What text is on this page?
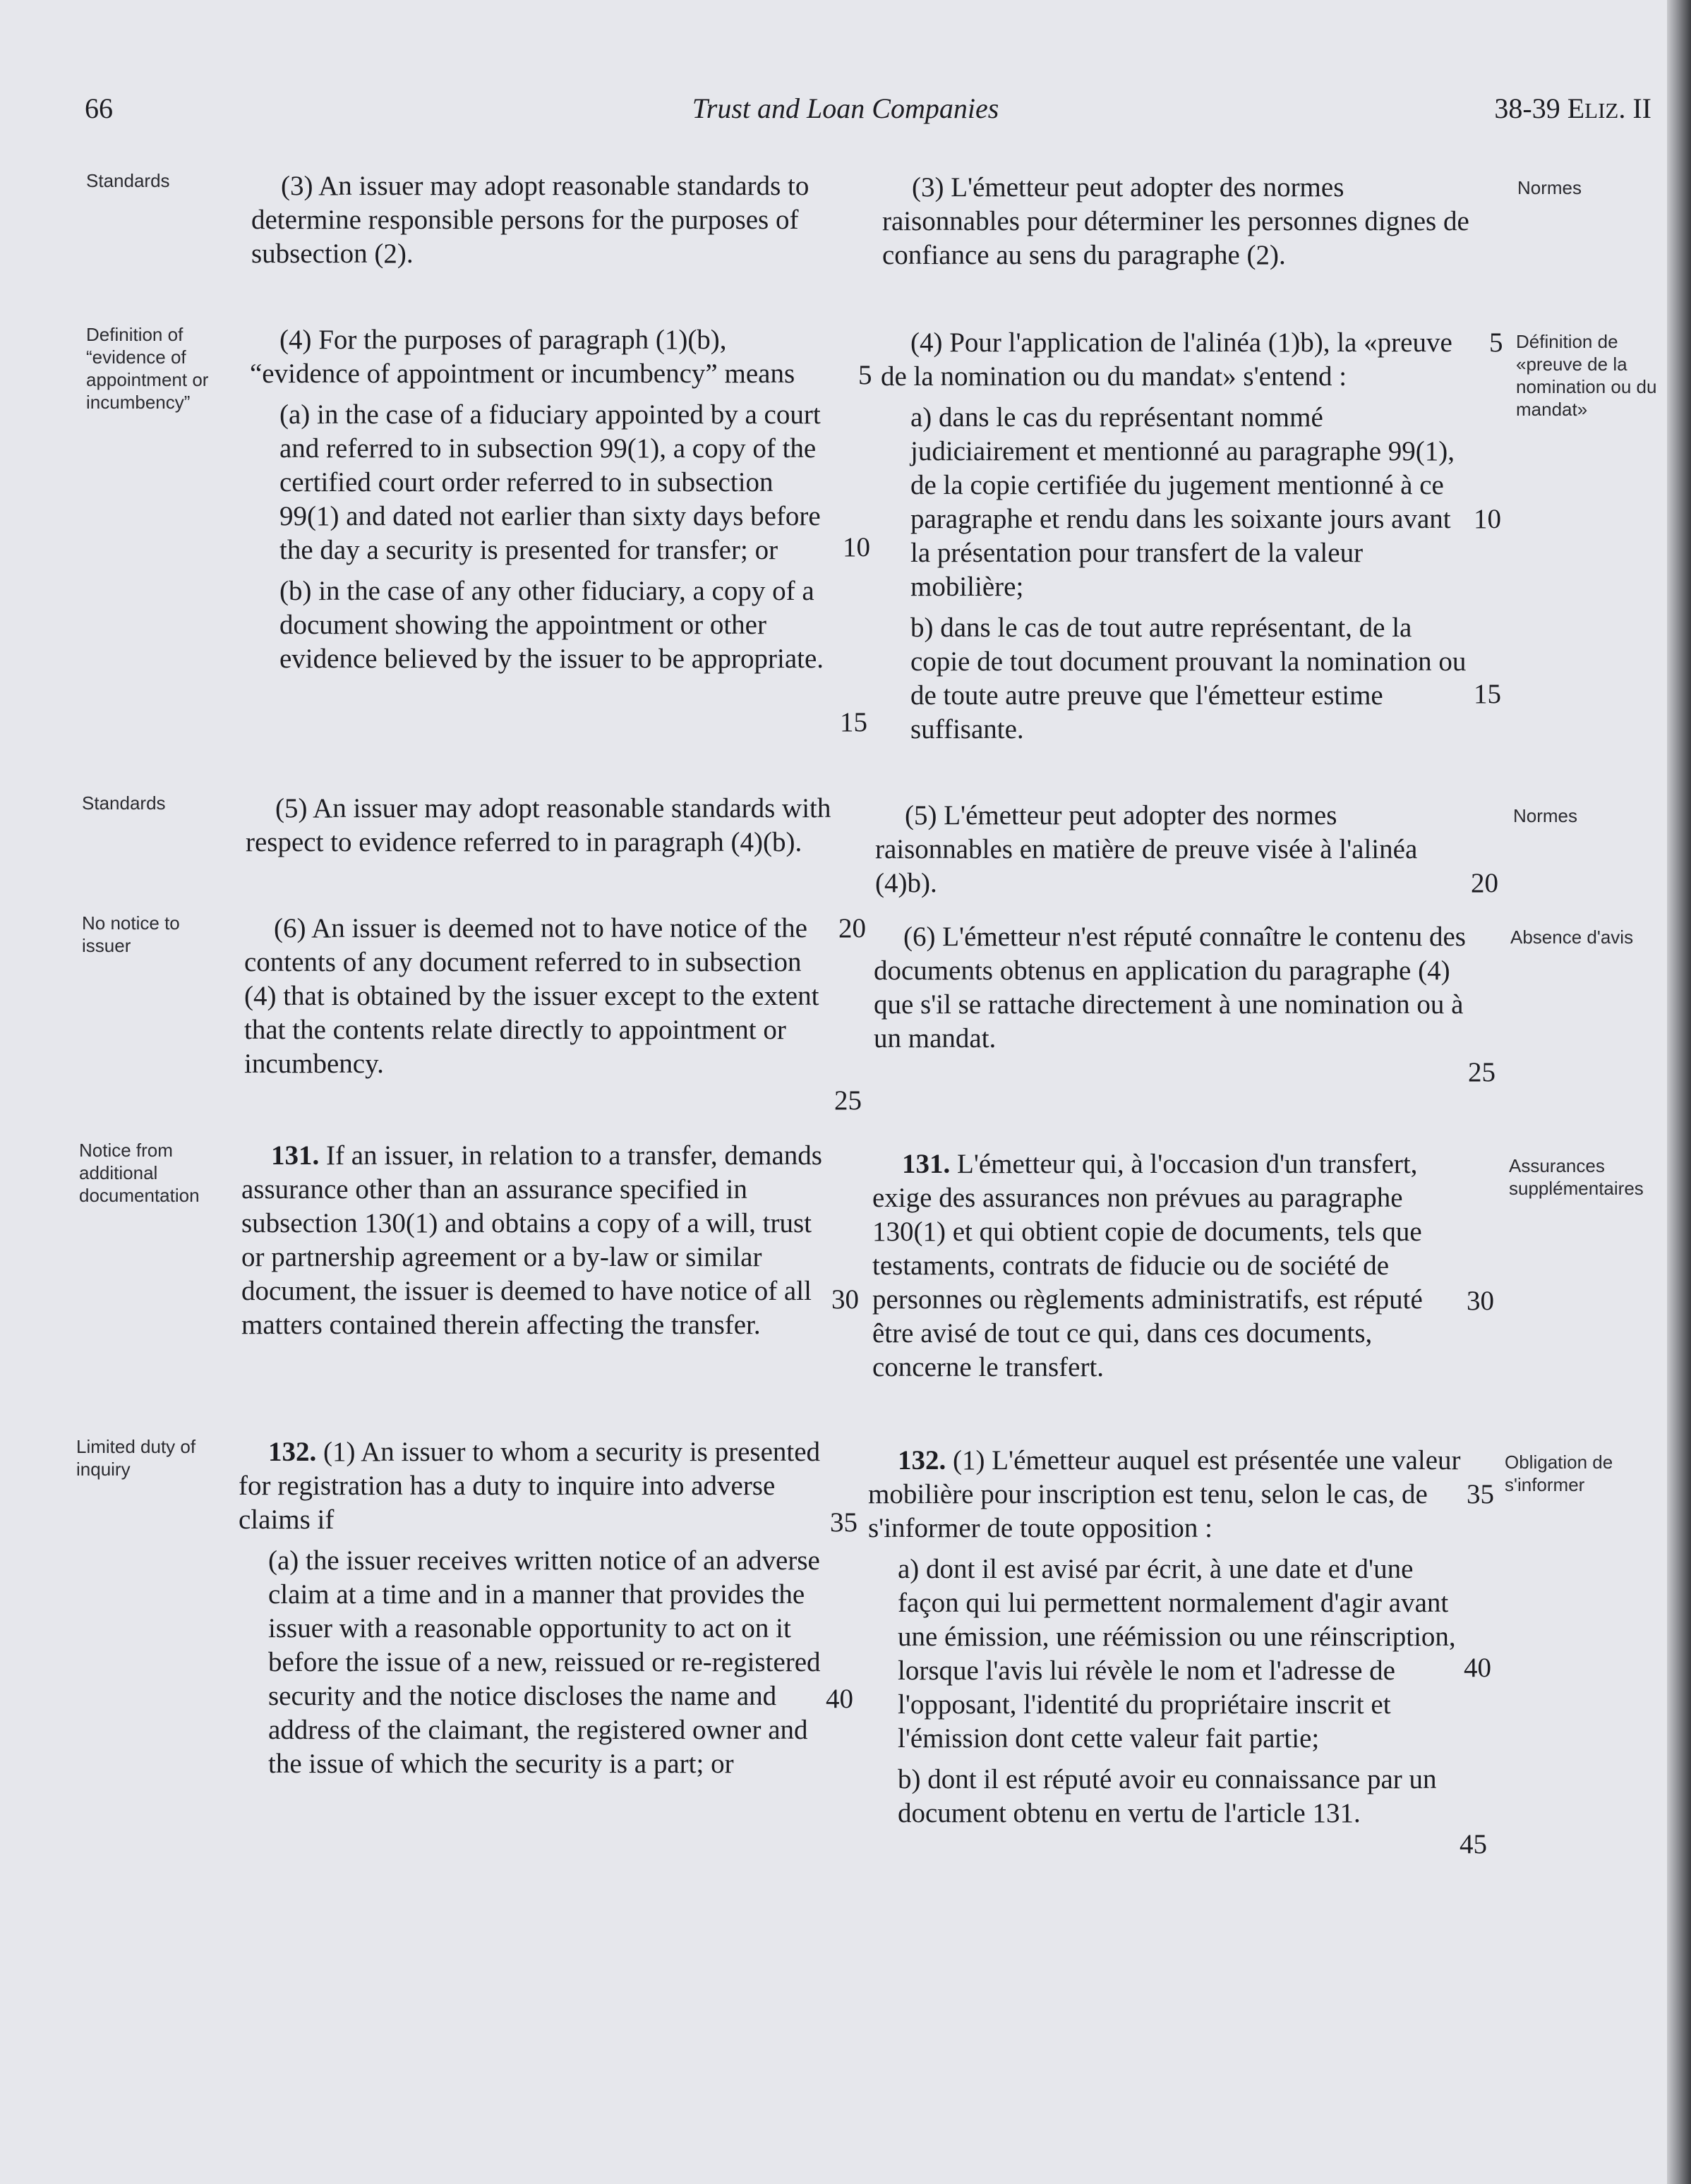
66	Trust and Loan Companies	38-39 ELIZ. II
Standards
Definition of “evidence of appointment or incumbency”
Standards
No notice to issuer
Notice from additional documentation
Limited duty of inquiry
Normes
Définition de «preuve de la nomination ou du mandat»
Normes
Absence d'avis
Assurances supplémentaires
Obligation de s'informer

(3) An issuer may adopt reasonable standards to determine responsible persons for the purposes of subsection (2).

(4) For the purposes of paragraph (1)(b), “evidence of appointment or incumbency” means

(a) in the case of a fiduciary appointed by a court and referred to in subsection 99(1), a copy of the certified court order referred to in subsection 99(1) and dated not earlier than sixty days before the day a security is presented for transfer; or

(b) in the case of any other fiduciary, a copy of a document showing the appointment or other evidence believed by the issuer to be appropriate.

(5) An issuer may adopt reasonable standards with respect to evidence referred to in paragraph (4)(b).

(6) An issuer is deemed not to have notice of the contents of any document referred to in subsection (4) that is obtained by the issuer except to the extent that the contents relate directly to appointment or incumbency.

131. If an issuer, in relation to a transfer, demands assurance other than an assurance specified in subsection 130(1) and obtains a copy of a will, trust or partnership agreement or a by-law or similar document, the issuer is deemed to have notice of all matters contained therein affecting the transfer.

132. (1) An issuer to whom a security is presented for registration has a duty to inquire into adverse claims if

(a) the issuer receives written notice of an adverse claim at a time and in a manner that provides the issuer with a reasonable opportunity to act on it before the issue of a new, reissued or re-registered security and the notice discloses the name and address of the claimant, the registered owner and the issue of which the security is a part; or

(3) L'émetteur peut adopter des normes raisonnables pour déterminer les personnes dignes de confiance au sens du paragraphe (2).

(4) Pour l'application de l'alinéa (1)b), la «preuve de la nomination ou du mandat» s'entend :

a) dans le cas du représentant nommé judiciairement et mentionné au paragraphe 99(1), de la copie certifiée du jugement mentionné à ce paragraphe et rendu dans les soixante jours avant la présentation pour transfert de la valeur mobilière;

b) dans le cas de tout autre représentant, de la copie de tout document prouvant la nomination ou de toute autre preuve que l'émetteur estime suffisante.

(5) L'émetteur peut adopter des normes raisonnables en matière de preuve visée à l'alinéa (4)b).

(6) L'émetteur n'est réputé connaître le contenu des documents obtenus en application du paragraphe (4) que s'il se rattache directement à une nomination ou à un mandat.

131. L'émetteur qui, à l'occasion d'un transfert, exige des assurances non prévues au paragraphe 130(1) et qui obtient copie de documents, tels que testaments, contrats de fiducie ou de société de personnes ou règlements administratifs, est réputé être avisé de tout ce qui, dans ces documents, concerne le transfert.

132. (1) L'émetteur auquel est présentée une valeur mobilière pour inscription est tenu, selon le cas, de s'informer de toute opposition :

a) dont il est avisé par écrit, à une date et d'une façon qui lui permettent normalement d'agir avant une émission, une réémission ou une réinscription, lorsque l'avis lui révèle le nom et l'adresse de l'opposant, l'identité du propriétaire inscrit et l'émission dont cette valeur fait partie;

b) dont il est réputé avoir eu connaissance par un document obtenu en vertu de l'article 131.

5
10
15
20
25
30
35
40
5
10
15
20
25
30
35
40
45
